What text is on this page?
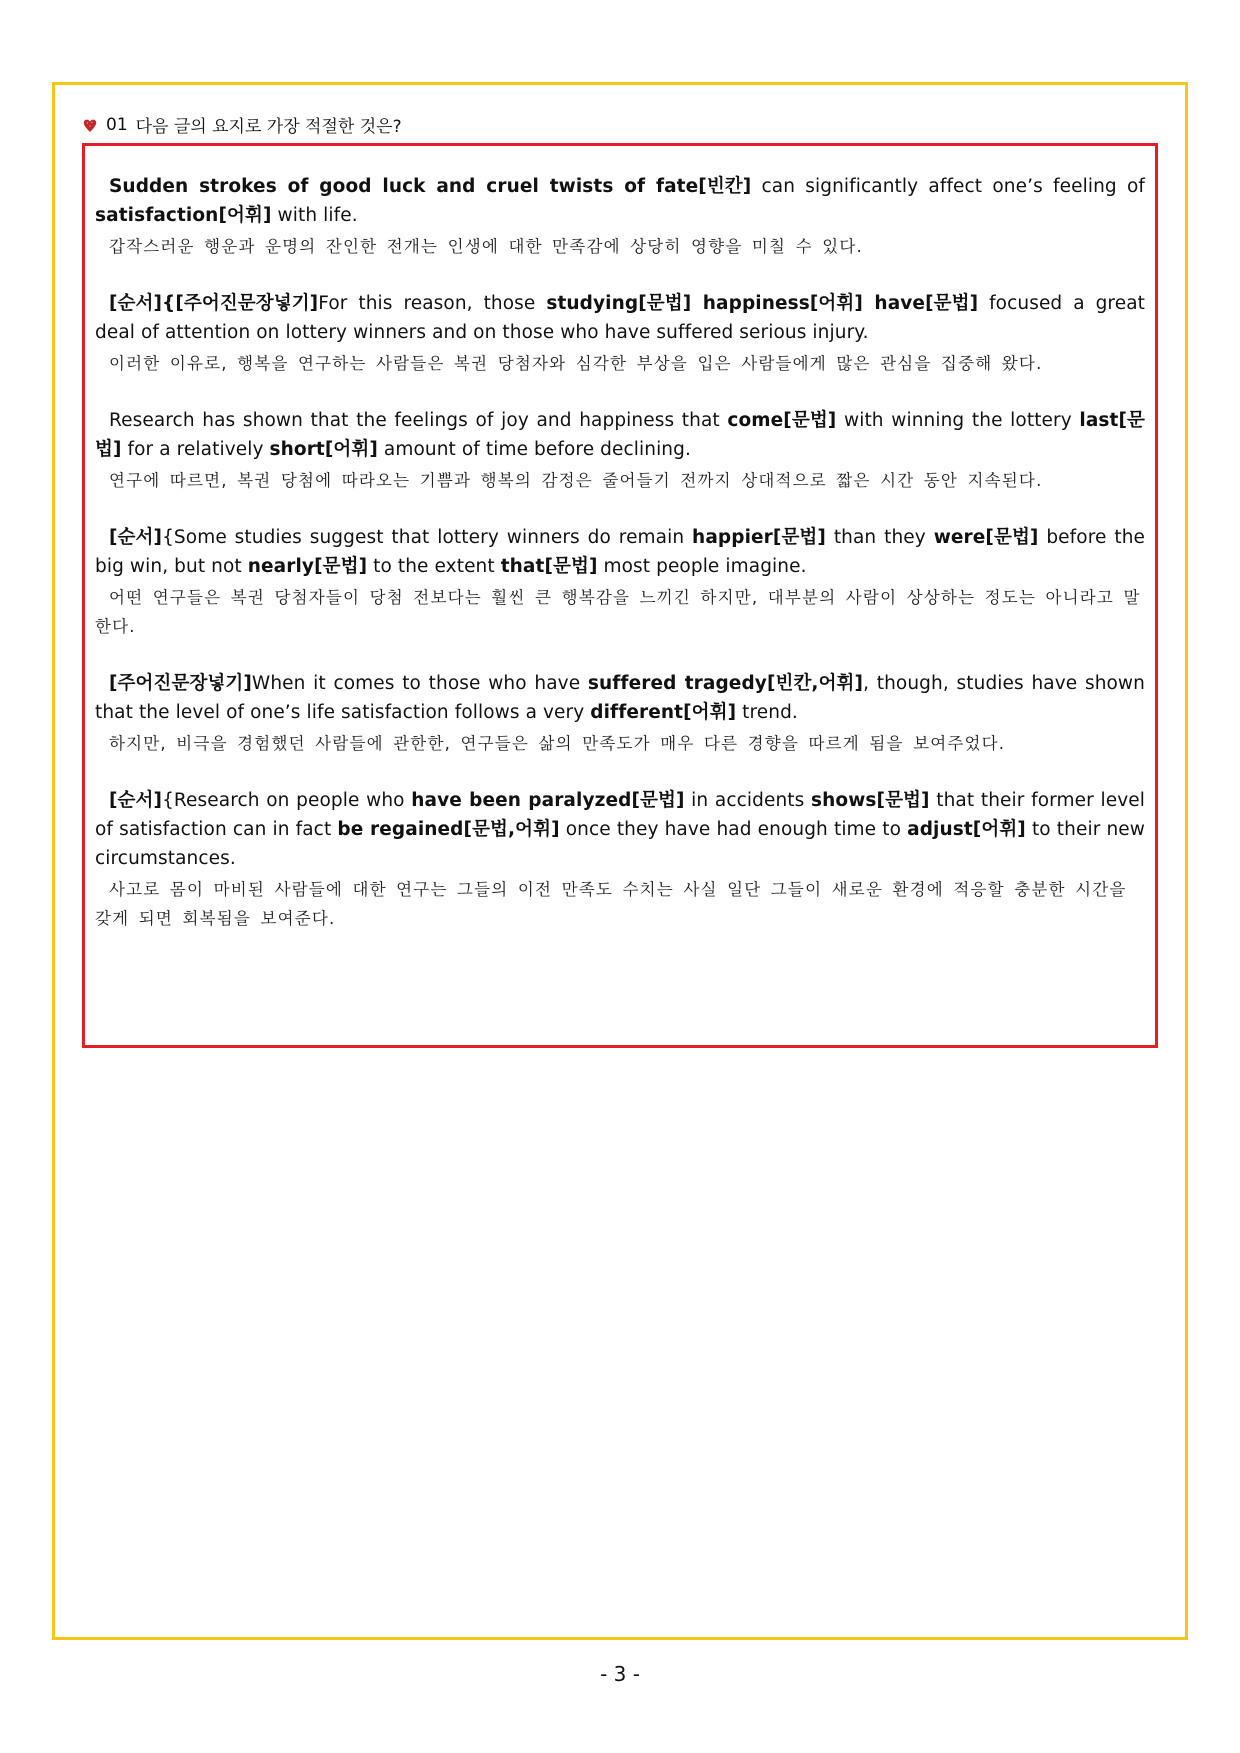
01 다음 글의 요지로 가장 적절한 것은?
Sudden strokes of good luck and cruel twists of fate[빈칸] can significantly affect one’s feeling of satisfaction[어휘] with life.
갑작스러운 행운과 운명의 잔인한 전개는 인생에 대한 만족감에 상당히 영향을 미칠 수 있다.
[순서]{[주어진문장넣기]For this reason, those studying[문법] happiness[어휘] have[문법] focused a great deal of attention on lottery winners and on those who have suffered serious injury.
이러한 이유로, 행복을 연구하는 사람들은 복권 당첨자와 심각한 부상을 입은 사람들에게 많은 관심을 집중해 왔다.
Research has shown that the feelings of joy and happiness that come[문법] with winning the lottery last[문법] for a relatively short[어휘] amount of time before declining.
연구에 따르면, 복권 당첨에 따라오는 기쁨과 행복의 감정은 줄어들기 전까지 상대적으로 짧은 시간 동안 지속된다.
[순서]{Some studies suggest that lottery winners do remain happier[문법] than they were[문법] before the big win, but not nearly[문법] to the extent that[문법] most people imagine.
어떤 연구들은 복권 당첨자들이 당첨 전보다는 훨씬 큰 행복감을 느끼긴 하지만, 대부분의 사람이 상상하는 정도는 아니라고 말한다.
[주어진문장넣기]When it comes to those who have suffered tragedy[빈칸,어휘], though, studies have shown that the level of one’s life satisfaction follows a very different[어휘] trend.
하지만, 비극을 경험했던 사람들에 관한한, 연구들은 삶의 만족도가 매우 다른 경향을 따르게 됨을 보여주었다.
[순서]{Research on people who have been paralyzed[문법] in accidents shows[문법] that their former level of satisfaction can in fact be regained[문법,어휘] once they have had enough time to adjust[어휘] to their new circumstances.
사고로 몸이 마비된 사람들에 대한 연구는 그들의 이전 만족도 수치는 사실 일단 그들이 새로운 환경에 적응할 충분한 시간을 갖게 되면 회복됨을 보여준다.
- 3 -
